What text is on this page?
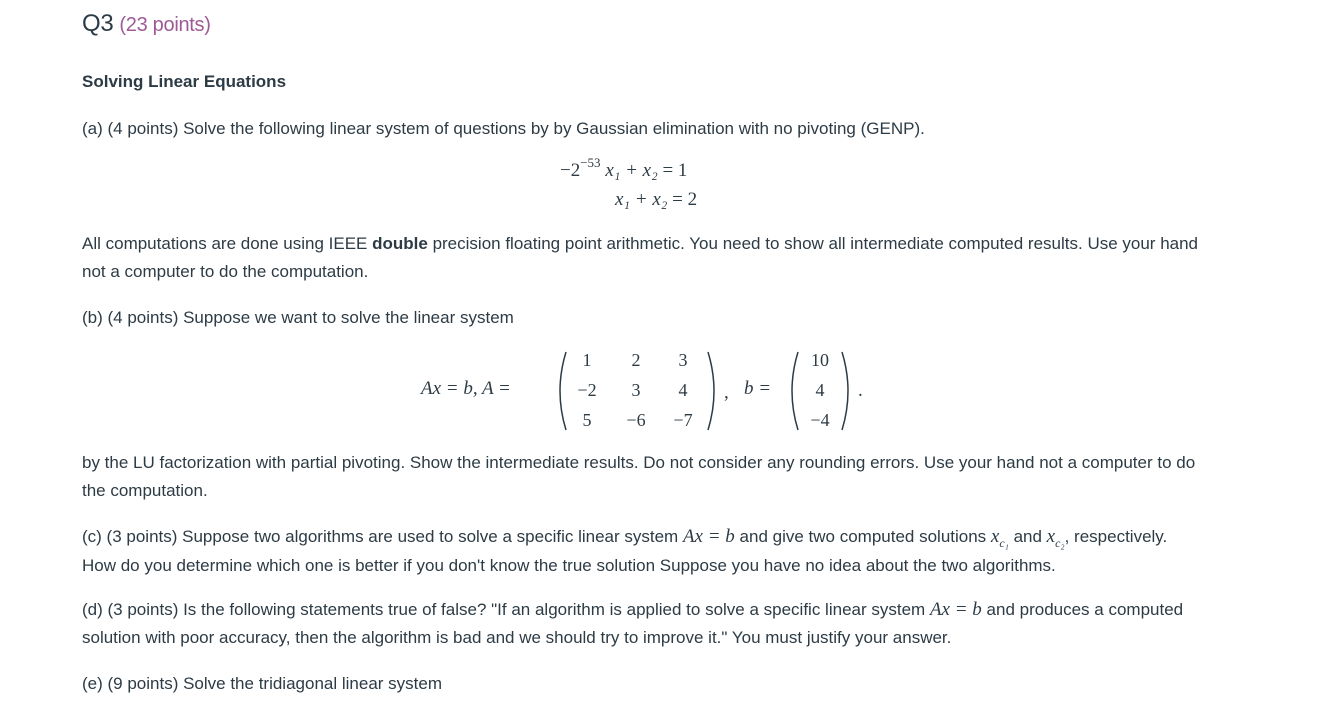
Q3 (23 points)
Solving Linear Equations
(a) (4 points) Solve the following linear system of questions by by Gaussian elimination with no pivoting (GENP).
$-2^{-53}$ x₁ + x₂ = 1
x₁ + x₂ = 2
All computations are done using IEEE double precision floating point arithmetic. You need to show all intermediate computed results. Use your hand not a computer to do the computation.
(b) (4 points) Suppose we want to solve the linear system
Ax = b, A =
1	2	3
−2	3	4
5	−6	−7
, b =
10
4
−4
.
by the LU factorization with partial pivoting. Show the intermediate results. Do not consider any rounding errors. Use your hand not a computer to do the computation.
(c) (3 points) Suppose two algorithms are used to solve a specific linear system Ax = b and give two computed solutions $x_{c_1}$ and $x_{c_2}$, respectively. How do you determine which one is better if you don't know the true solution Suppose you have no idea about the two algorithms.
(d) (3 points) Is the following statements true of false? "If an algorithm is applied to solve a specific linear system Ax = b and produces a computed solution with poor accuracy, then the algorithm is bad and we should try to improve it." You must justify your answer.
(e) (9 points) Solve the tridiagonal linear system
